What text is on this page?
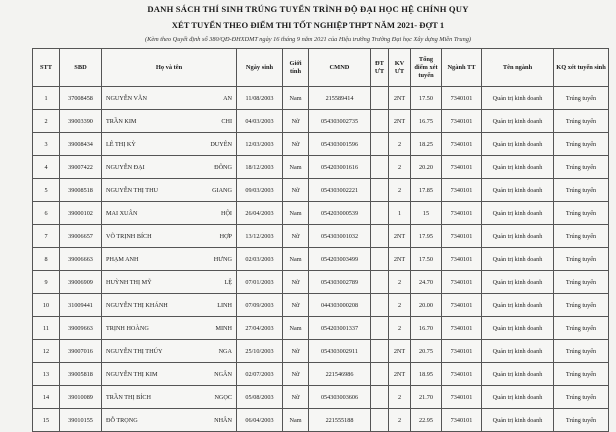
DANH SÁCH THÍ SINH TRÚNG TUYỂN TRÌNH ĐỘ ĐẠI HỌC HỆ CHÍNH QUY
XÉT TUYỂN THEO ĐIỂM THI TỐT NGHIỆP THPT NĂM 2021- ĐỢT 1
(Kèm theo Quyết định số 380/QĐ-ĐHXDMT ngày 16 tháng 9 năm 2021 của Hiệu trưởng Trường Đại học Xây dựng Miền Trung)
STT	SBD	Họ và tên	Ngày sinh	Giới tính	CMND	ĐT ƯT	KV ƯT	Tổng điểm xét tuyển	Ngành TT	Tên ngành	KQ xét tuyển sinh
1	37008458	NGUYỄN VĂN AN	11/08/2003	Nam	215589414		2NT	17.50	7340101	Quản trị kinh doanh	Trúng tuyển
2	39003390	TRẦN KIM CHI	04/03/2003	Nữ	054303002735		2NT	16.75	7340101	Quản trị kinh doanh	Trúng tuyển
3	39008434	LÊ THỊ KỲ DUYÊN	12/03/2003	Nữ	054303001596		2	18.25	7340101	Quản trị kinh doanh	Trúng tuyển
4	39007422	NGUYỄN ĐẠI ĐÔNG	18/12/2003	Nam	054203001616		2	20.20	7340101	Quản trị kinh doanh	Trúng tuyển
5	39008518	NGUYỄN THỊ THU GIANG	09/03/2003	Nữ	054303002221		2	17.85	7340101	Quản trị kinh doanh	Trúng tuyển
6	39000102	MAI XUÂN HỘI	26/04/2003	Nam	054203000539		1	15	7340101	Quản trị kinh doanh	Trúng tuyển
7	39006657	VÕ TRỊNH BÍCH HỢP	13/12/2003	Nữ	054303001032		2NT	17.95	7340101	Quản trị kinh doanh	Trúng tuyển
8	39006663	PHẠM ANH HƯNG	02/03/2003	Nam	054203003499		2NT	17.50	7340101	Quản trị kinh doanh	Trúng tuyển
9	39006909	HUỲNH THỊ MỸ LỆ	07/01/2003	Nữ	054303002789		2	24.70	7340101	Quản trị kinh doanh	Trúng tuyển
10	31009441	NGUYỄN THỊ KHÁNH LINH	07/09/2003	Nữ	044303000208		2	20.00	7340101	Quản trị kinh doanh	Trúng tuyển
11	39009663	TRỊNH HOÀNG MINH	27/04/2003	Nam	054203001337		2	16.70	7340101	Quản trị kinh doanh	Trúng tuyển
12	39007016	NGUYỄN THỊ THÚY NGA	25/10/2003	Nữ	054303002911		2NT	20.75	7340101	Quản trị kinh doanh	Trúng tuyển
13	39005818	NGUYỄN THỊ KIM NGÂN	02/07/2003	Nữ	221546986		2NT	18.95	7340101	Quản trị kinh doanh	Trúng tuyển
14	39010089	TRẦN THỊ BÍCH NGỌC	05/08/2003	Nữ	054303003606		2	21.70	7340101	Quản trị kinh doanh	Trúng tuyển
15	39010155	ĐỖ TRỌNG NHÂN	06/04/2003	Nam	221555188		2	22.95	7340101	Quản trị kinh doanh	Trúng tuyển
